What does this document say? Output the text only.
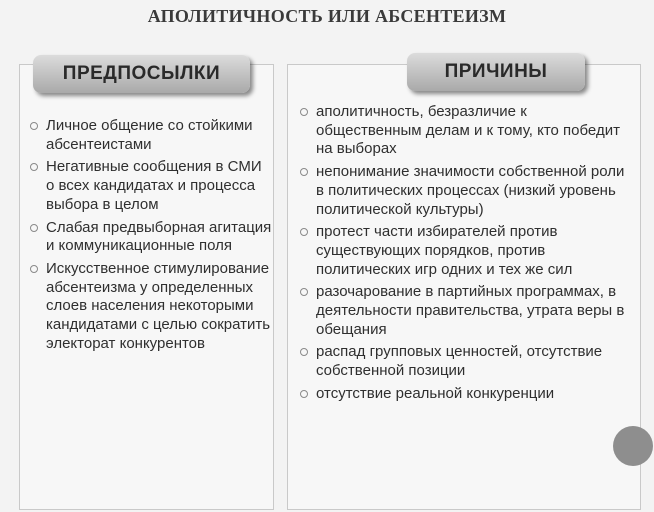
АПОЛИТИЧНОСТЬ ИЛИ АБСЕНТЕИЗМ
ПРЕДПОСЫЛКИ	ПРИЧИНЫ
Личное общение со стойкими абсентеистами
Негативные сообщения в СМИ о всех кандидатах и процесса выбора в целом
Слабая предвыборная агитация и коммуникационные поля
Искусственное стимулирование абсентеизма у определенных слоев населения некоторыми кандидатами с целью сократить электорат конкурентов
аполитичность, безразличие к общественным делам и к тому, кто победит на выборах
непонимание значимости собственной роли в политических процессах (низкий уровень политической культуры)
протест части избирателей против существующих порядков, против политических игр одних и тех же сил
разочарование в партийных программах, в деятельности правительства, утрата веры в обещания
распад групповых ценностей, отсутствие собственной позиции
отсутствие реальной конкуренции
